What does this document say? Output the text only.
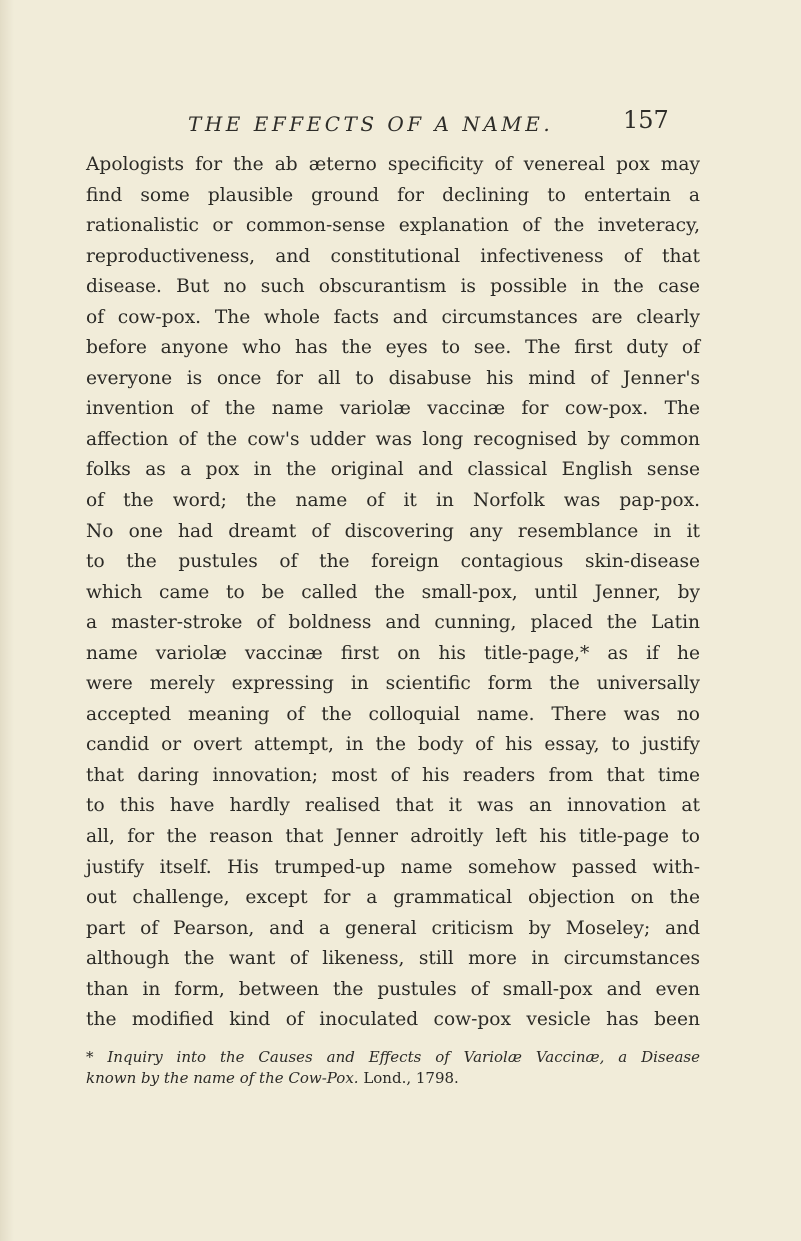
THE EFFECTS OF A NAME.	157
Apologists for the ab æterno specificity of venereal pox may
find some plausible ground for declining to entertain a
rationalistic or common-sense explanation of the inveteracy,
reproductiveness, and constitutional infectiveness of that
disease. But no such obscurantism is possible in the case
of cow-pox. The whole facts and circumstances are clearly
before anyone who has the eyes to see. The first duty of
everyone is once for all to disabuse his mind of Jenner's
invention of the name variolæ vaccinæ for cow-pox. The
affection of the cow's udder was long recognised by common
folks as a pox in the original and classical English sense
of the word; the name of it in Norfolk was pap-pox.
No one had dreamt of discovering any resemblance in it
to the pustules of the foreign contagious skin-disease
which came to be called the small-pox, until Jenner, by
a master-stroke of boldness and cunning, placed the Latin
name variolæ vaccinæ first on his title-page,* as if he
were merely expressing in scientific form the universally
accepted meaning of the colloquial name. There was no
candid or overt attempt, in the body of his essay, to justify
that daring innovation; most of his readers from that time
to this have hardly realised that it was an innovation at
all, for the reason that Jenner adroitly left his title-page to
justify itself. His trumped-up name somehow passed with-
out challenge, except for a grammatical objection on the
part of Pearson, and a general criticism by Moseley; and
although the want of likeness, still more in circumstances
than in form, between the pustules of small-pox and even
the modified kind of inoculated cow-pox vesicle has been
* Inquiry into the Causes and Effects of Variolæ Vaccinæ, a Disease
known by the name of the Cow-Pox. Lond., 1798.
